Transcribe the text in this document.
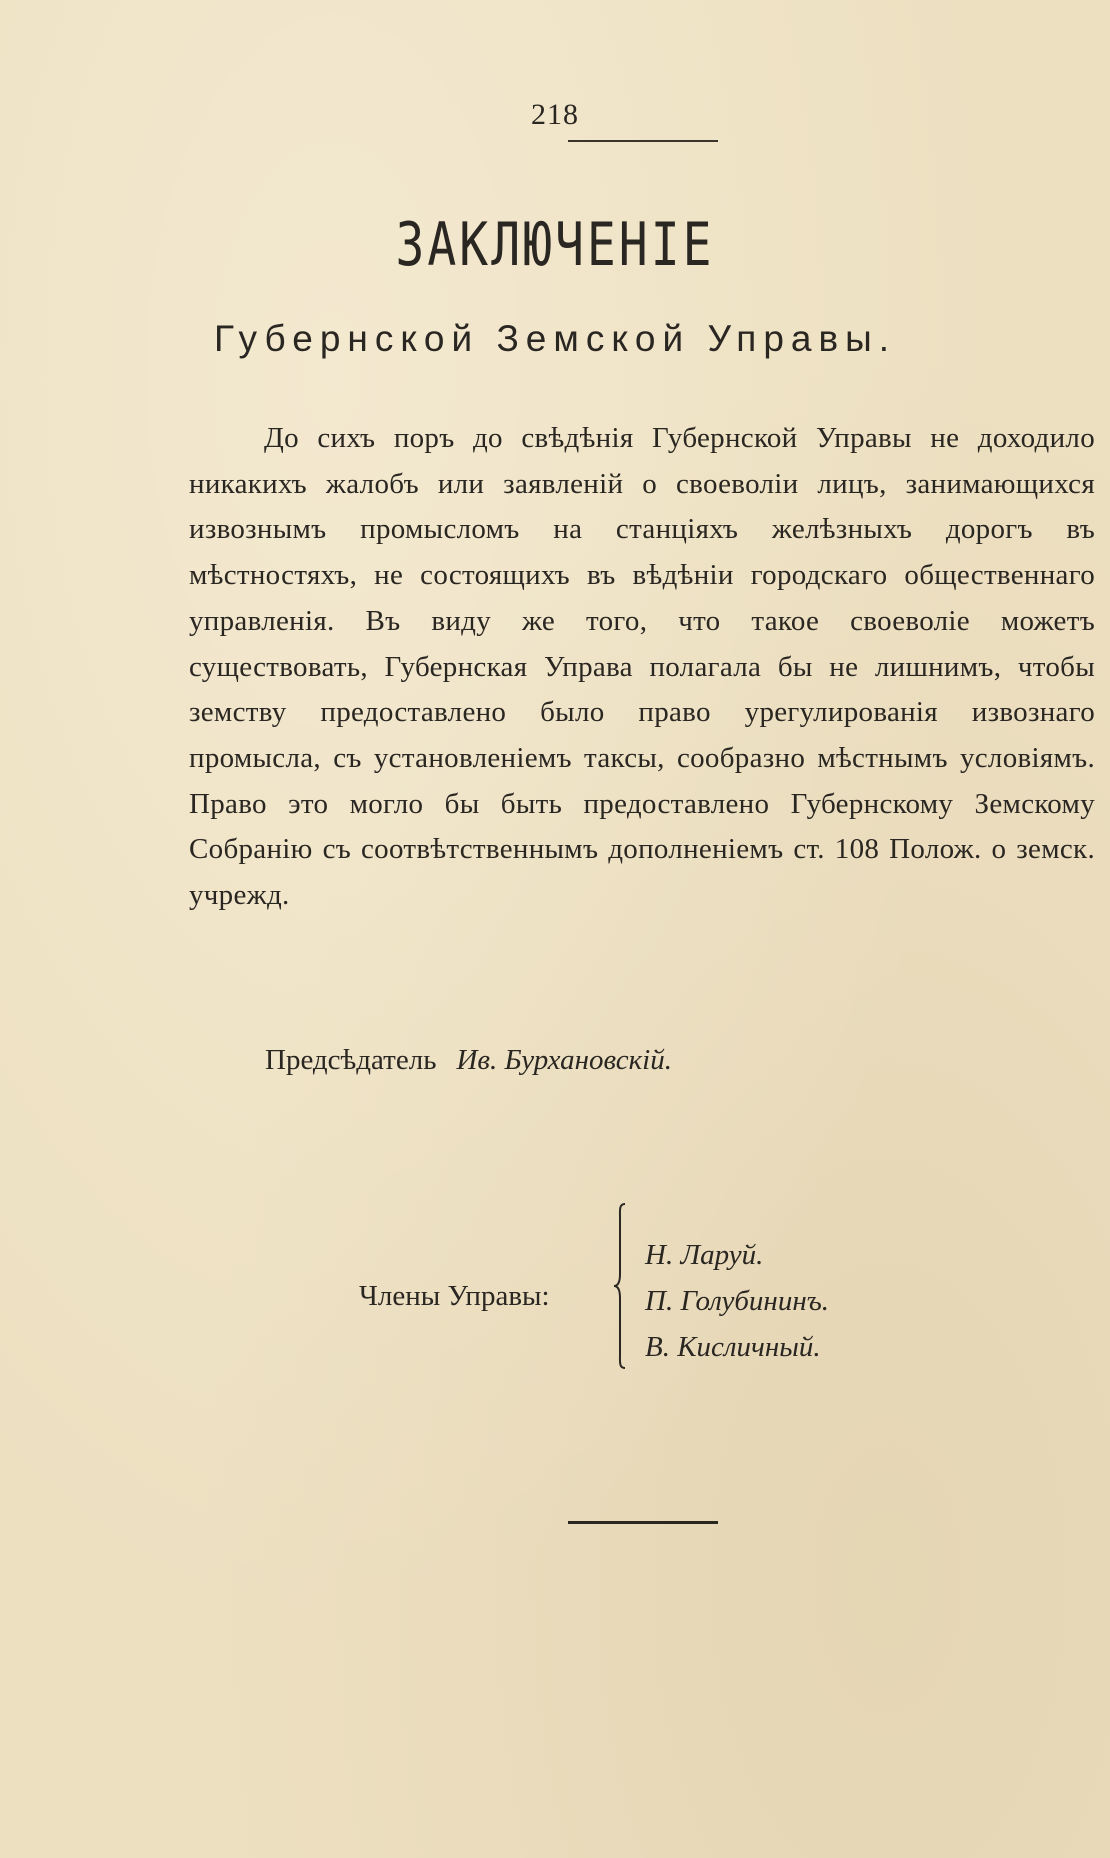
218
ЗАКЛЮЧЕНІЕ
Губернской Земской Управы.

До сихъ поръ до свѣдѣнія Губернской Управы не доходило никакихъ жалобъ или заявленій о своеволіи лицъ, занимающихся извознымъ промысломъ на станціяхъ желѣзныхъ дорогъ въ мѣстностяхъ, не состоящихъ въ вѣдѣніи городскаго общественнаго управленія. Въ виду же того, что такое своеволіе можетъ существовать, Губернская Управа полагала бы не лишнимъ, чтобы земству предоставлено было право урегулированія извознаго промысла, съ установленіемъ таксы, сообразно мѣстнымъ условіямъ. Право это могло бы быть предоставлено Губернскому Земскому Собранію съ соотвѣтственнымъ дополненіемъ ст. 108 Полож. о земск. учрежд.

Предсѣдатель Ив. Бурхановскій.
Члены Управы:
Н. Ларуй.
П. Голубининъ.
В. Кисличный.
